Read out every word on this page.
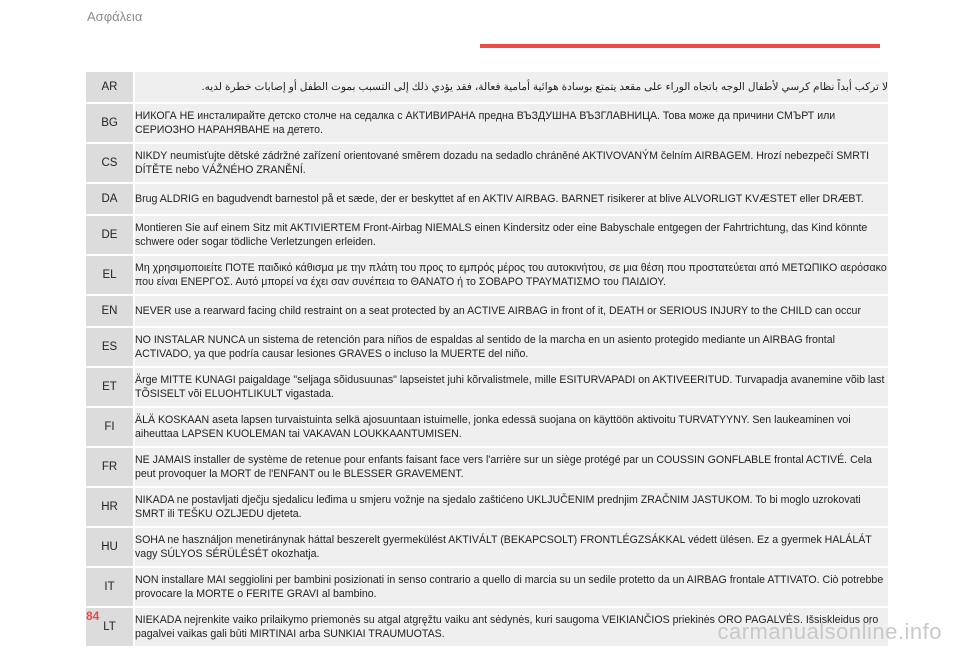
Ασφάλεια
AR	لا تركب أبداً نظام كرسي لأطفال الوجه باتجاه الوراء على مقعد يتمتع بوسادة هوائية أمامية فعالة، فقد يؤدي ذلك إلى التسبب بموت الطفل أو إصابات خطرة لديه.
BG	НИКОГА НЕ инсталирайте детско столче на седалка с АКТИВИРАНА предна ВЪЗДУШНА ВЪЗГЛАВНИЦА. Това може да причини СМЪРТ или СЕРИОЗНО НАРАНЯВАНЕ на детето.
CS	NIKDY neumisťujte dětské zádržné zařízení orientované směrem dozadu na sedadlo chráněné AKTIVOVANÝM čelním AIRBAGEM. Hrozí nebezpečí SMRTI DÍTĚTE nebo VÁŽNÉHO ZRANĚNÍ.
DA	Brug ALDRIG en bagudvendt barnestol på et sæde, der er beskyttet af en AKTIV AIRBAG. BARNET risikerer at blive ALVORLIGT KVÆSTET eller DRÆBT.
DE	Montieren Sie auf einem Sitz mit AKTIVIERTEM Front-Airbag NIEMALS einen Kindersitz oder eine Babyschale entgegen der Fahrtrichtung, das Kind könnte schwere oder sogar tödliche Verletzungen erleiden.
EL	Μη χρησιμοποιείτε ΠΟΤΕ παιδικό κάθισμα με την πλάτη του προς το εμπρός μέρος του αυτοκινήτου, σε μια θέση που προστατεύεται από ΜΕΤΩΠΙΚΟ αερόσακο που είναι ΕΝΕΡΓΟΣ. Αυτό μπορεί να έχει σαν συνέπεια το ΘΑΝΑΤΟ ή το ΣΟΒΑΡΟ ΤΡΑΥΜΑΤΙΣΜΟ του ΠΑΙΔΙΟΥ.
EN	NEVER use a rearward facing child restraint on a seat protected by an ACTIVE AIRBAG in front of it, DEATH or SERIOUS INJURY to the CHILD can occur
ES	NO INSTALAR NUNCA un sistema de retención para niños de espaldas al sentido de la marcha en un asiento protegido mediante un AIRBAG frontal ACTIVADO, ya que podría causar lesiones GRAVES o incluso la MUERTE del niño.
ET	Ärge MITTE KUNAGI paigaldage "seljaga sõidusuunas" lapseistet juhi kõrvalistmele, mille ESITURVAPADI on AKTIVEERITUD. Turvapadja avanemine võib last TÕSISELT või ELUOHTLIKULT vigastada.
FI	ÄLÄ KOSKAAN aseta lapsen turvaistuinta selkä ajosuuntaan istuimelle, jonka edessä suojana on käyttöön aktivoitu TURVATYYNY. Sen laukeaminen voi aiheuttaa LAPSEN KUOLEMAN tai VAKAVAN LOUKKAANTUMISEN.
FR	NE JAMAIS installer de système de retenue pour enfants faisant face vers l'arrière sur un siège protégé par un COUSSIN GONFLABLE frontal ACTIVÉ. Cela peut provoquer la MORT de l'ENFANT ou le BLESSER GRAVEMENT.
HR	NIKADA ne postavljati dječju sjedalicu leđima u smjeru vožnje na sjedalo zaštićeno UKLJUČENIM prednjim ZRAČNIM JASTUKOM. To bi moglo uzrokovati SMRT ili TEŠKU OZLJEDU djeteta.
HU	SOHA ne használjon menetiránynak háttal beszerelt gyermekülést AKTIVÁLT (BEKAPCSOLT) FRONTLÉGZSÁKKAL védett ülésen. Ez a gyermek HALÁLÁT vagy SÚLYOS SÉRÜLÉSÉT okozhatja.
IT	NON installare MAI seggiolini per bambini posizionati in senso contrario a quello di marcia su un sedile protetto da un AIRBAG frontale ATTIVATO. Ciò potrebbe provocare la MORTE o FERITE GRAVI al bambino.
LT	NIEKADA nejrenkite vaiko prilaikymo priemonės su atgal atgręžtu vaiku ant sėdynės, kuri saugoma VEIKIANČIOS priekinės ORO PAGALVĖS. Išsiskleidus oro pagalvei vaikas gali būti MIRTINAI arba SUNKIAI TRAUMUOTAS.
84
carmanualsonline.info
